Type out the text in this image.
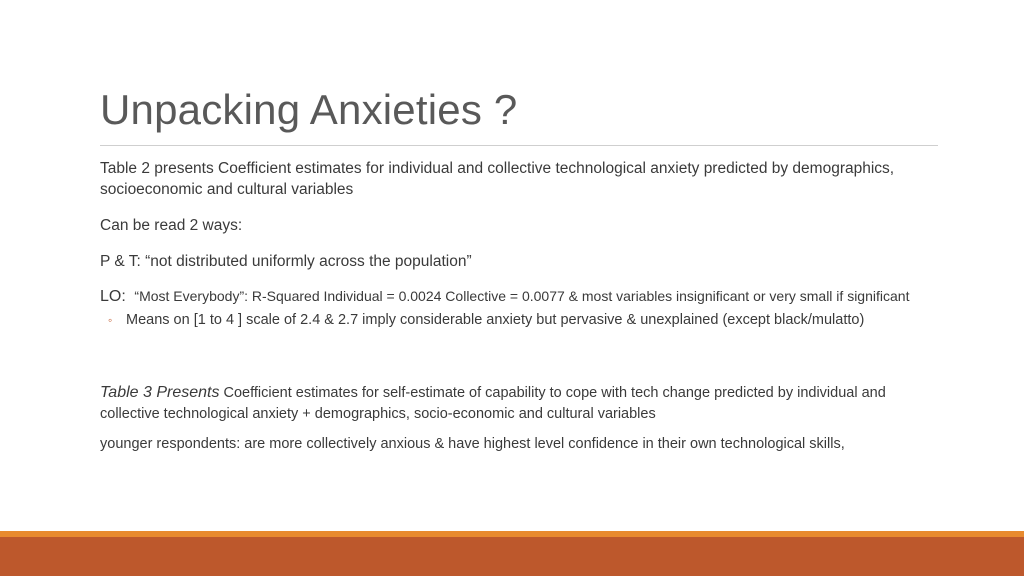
Unpacking Anxieties ?

Table 2 presents Coefficient estimates for individual and collective technological anxiety predicted by demographics, socioeconomic and cultural variables

Can be read 2 ways:

P & T: “not distributed uniformly across the population”

LO: “Most Everybody”: R-Squared Individual = 0.0024 Collective = 0.0077 & most variables insignificant or very small if significant

◦ Means on [1 to 4 ] scale of 2.4 & 2.7 imply considerable anxiety but pervasive & unexplained (except black/mulatto)

Table 3 Presents Coefficient estimates for self-estimate of capability to cope with tech change predicted by individual and collective technological anxiety + demographics, socio-economic and cultural variables

younger respondents: are more collectively anxious & have highest level confidence in their own technological skills,
